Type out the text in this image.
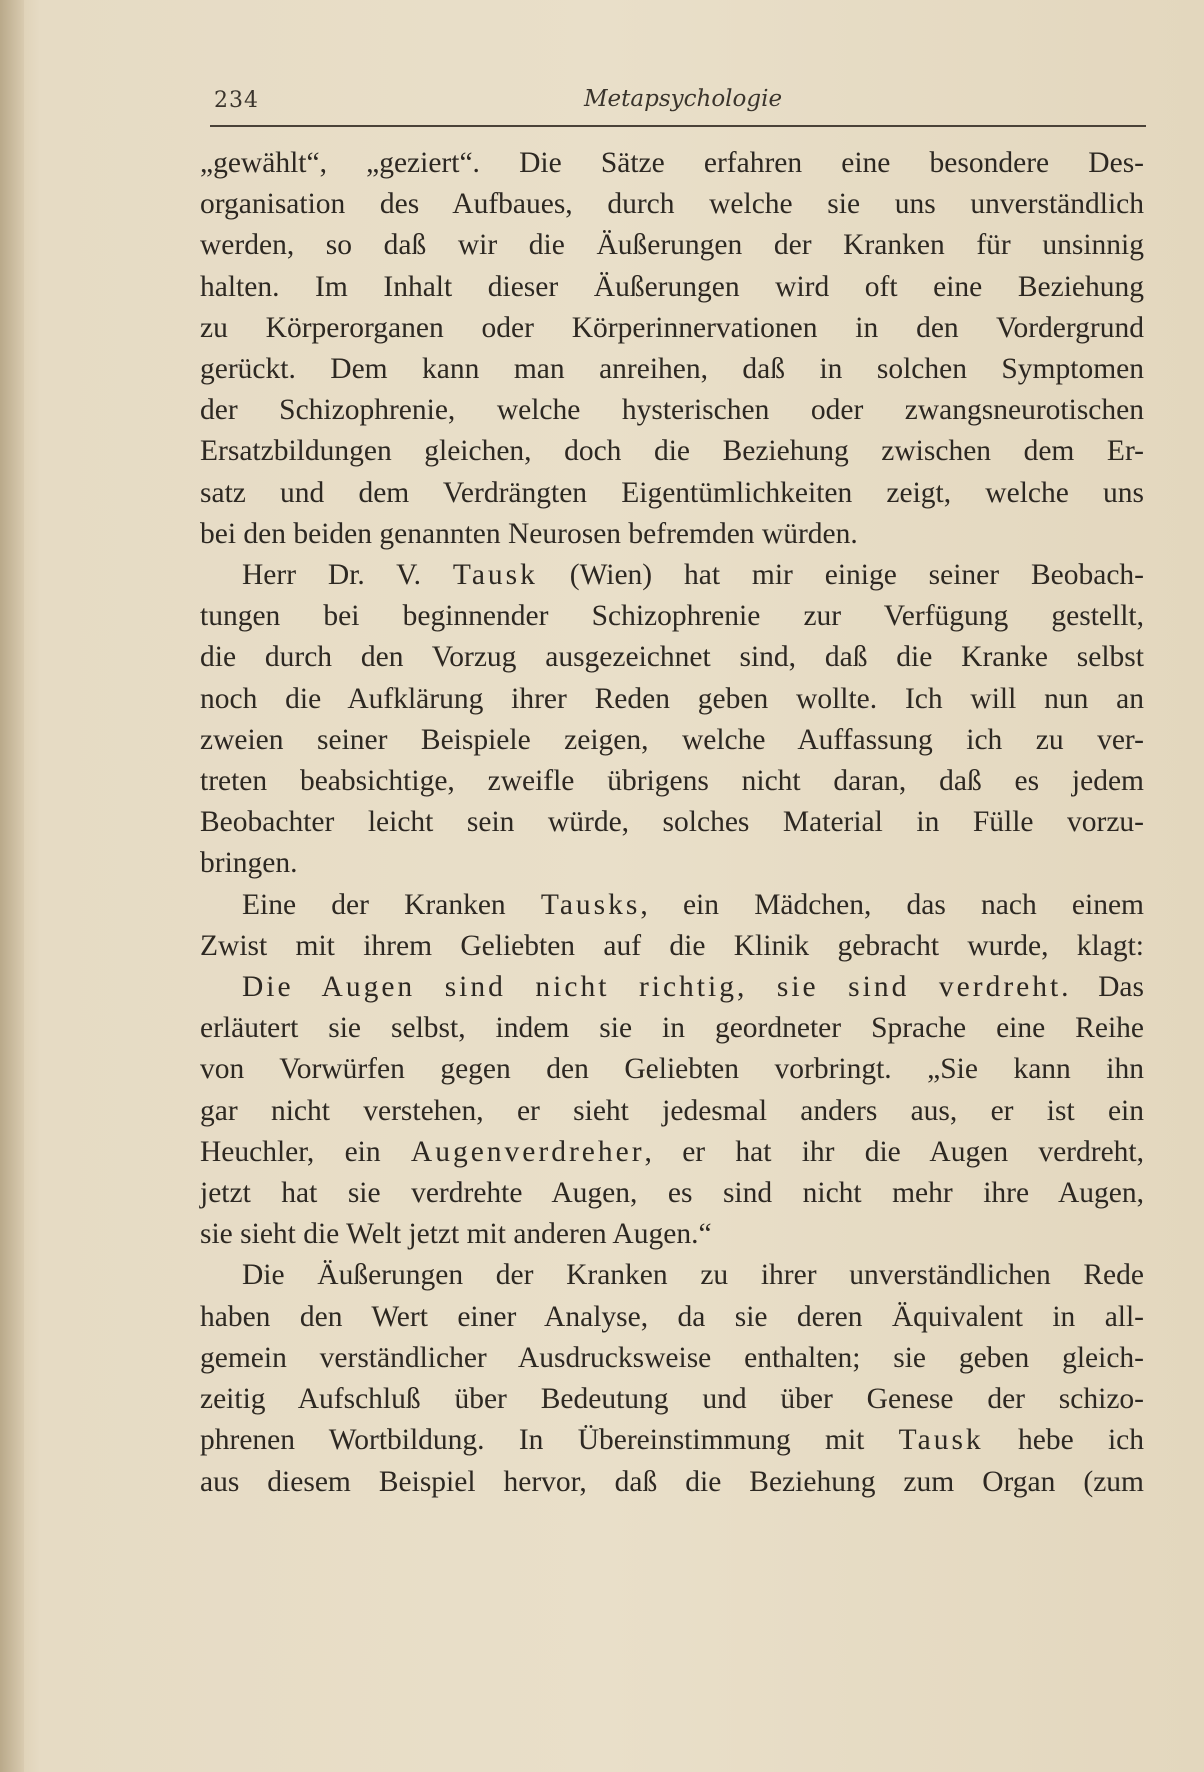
234	Metapsychologie
„gewählt“, „geziert“. Die Sätze erfahren eine besondere Des-
organisation des Aufbaues, durch welche sie uns unverständlich
werden, so daß wir die Äußerungen der Kranken für unsinnig
halten. Im Inhalt dieser Äußerungen wird oft eine Beziehung
zu Körperorganen oder Körperinnervationen in den Vordergrund
gerückt. Dem kann man anreihen, daß in solchen Symptomen
der Schizophrenie, welche hysterischen oder zwangsneurotischen
Ersatzbildungen gleichen, doch die Beziehung zwischen dem Er-
satz und dem Verdrängten Eigentümlichkeiten zeigt, welche uns
bei den beiden genannten Neurosen befremden würden.
Herr Dr. V. Tausk (Wien) hat mir einige seiner Beobach-
tungen bei beginnender Schizophrenie zur Verfügung gestellt,
die durch den Vorzug ausgezeichnet sind, daß die Kranke selbst
noch die Aufklärung ihrer Reden geben wollte. Ich will nun an
zweien seiner Beispiele zeigen, welche Auffassung ich zu ver-
treten beabsichtige, zweifle übrigens nicht daran, daß es jedem
Beobachter leicht sein würde, solches Material in Fülle vorzu-
bringen.
Eine der Kranken Tausks, ein Mädchen, das nach einem
Zwist mit ihrem Geliebten auf die Klinik gebracht wurde, klagt:
Die Augen sind nicht richtig, sie sind verdreht. Das
erläutert sie selbst, indem sie in geordneter Sprache eine Reihe
von Vorwürfen gegen den Geliebten vorbringt. „Sie kann ihn
gar nicht verstehen, er sieht jedesmal anders aus, er ist ein
Heuchler, ein Augenverdreher, er hat ihr die Augen verdreht,
jetzt hat sie verdrehte Augen, es sind nicht mehr ihre Augen,
sie sieht die Welt jetzt mit anderen Augen.“
Die Äußerungen der Kranken zu ihrer unverständlichen Rede
haben den Wert einer Analyse, da sie deren Äquivalent in all-
gemein verständlicher Ausdrucksweise enthalten; sie geben gleich-
zeitig Aufschluß über Bedeutung und über Genese der schizo-
phrenen Wortbildung. In Übereinstimmung mit Tausk hebe ich
aus diesem Beispiel hervor, daß die Beziehung zum Organ (zum
